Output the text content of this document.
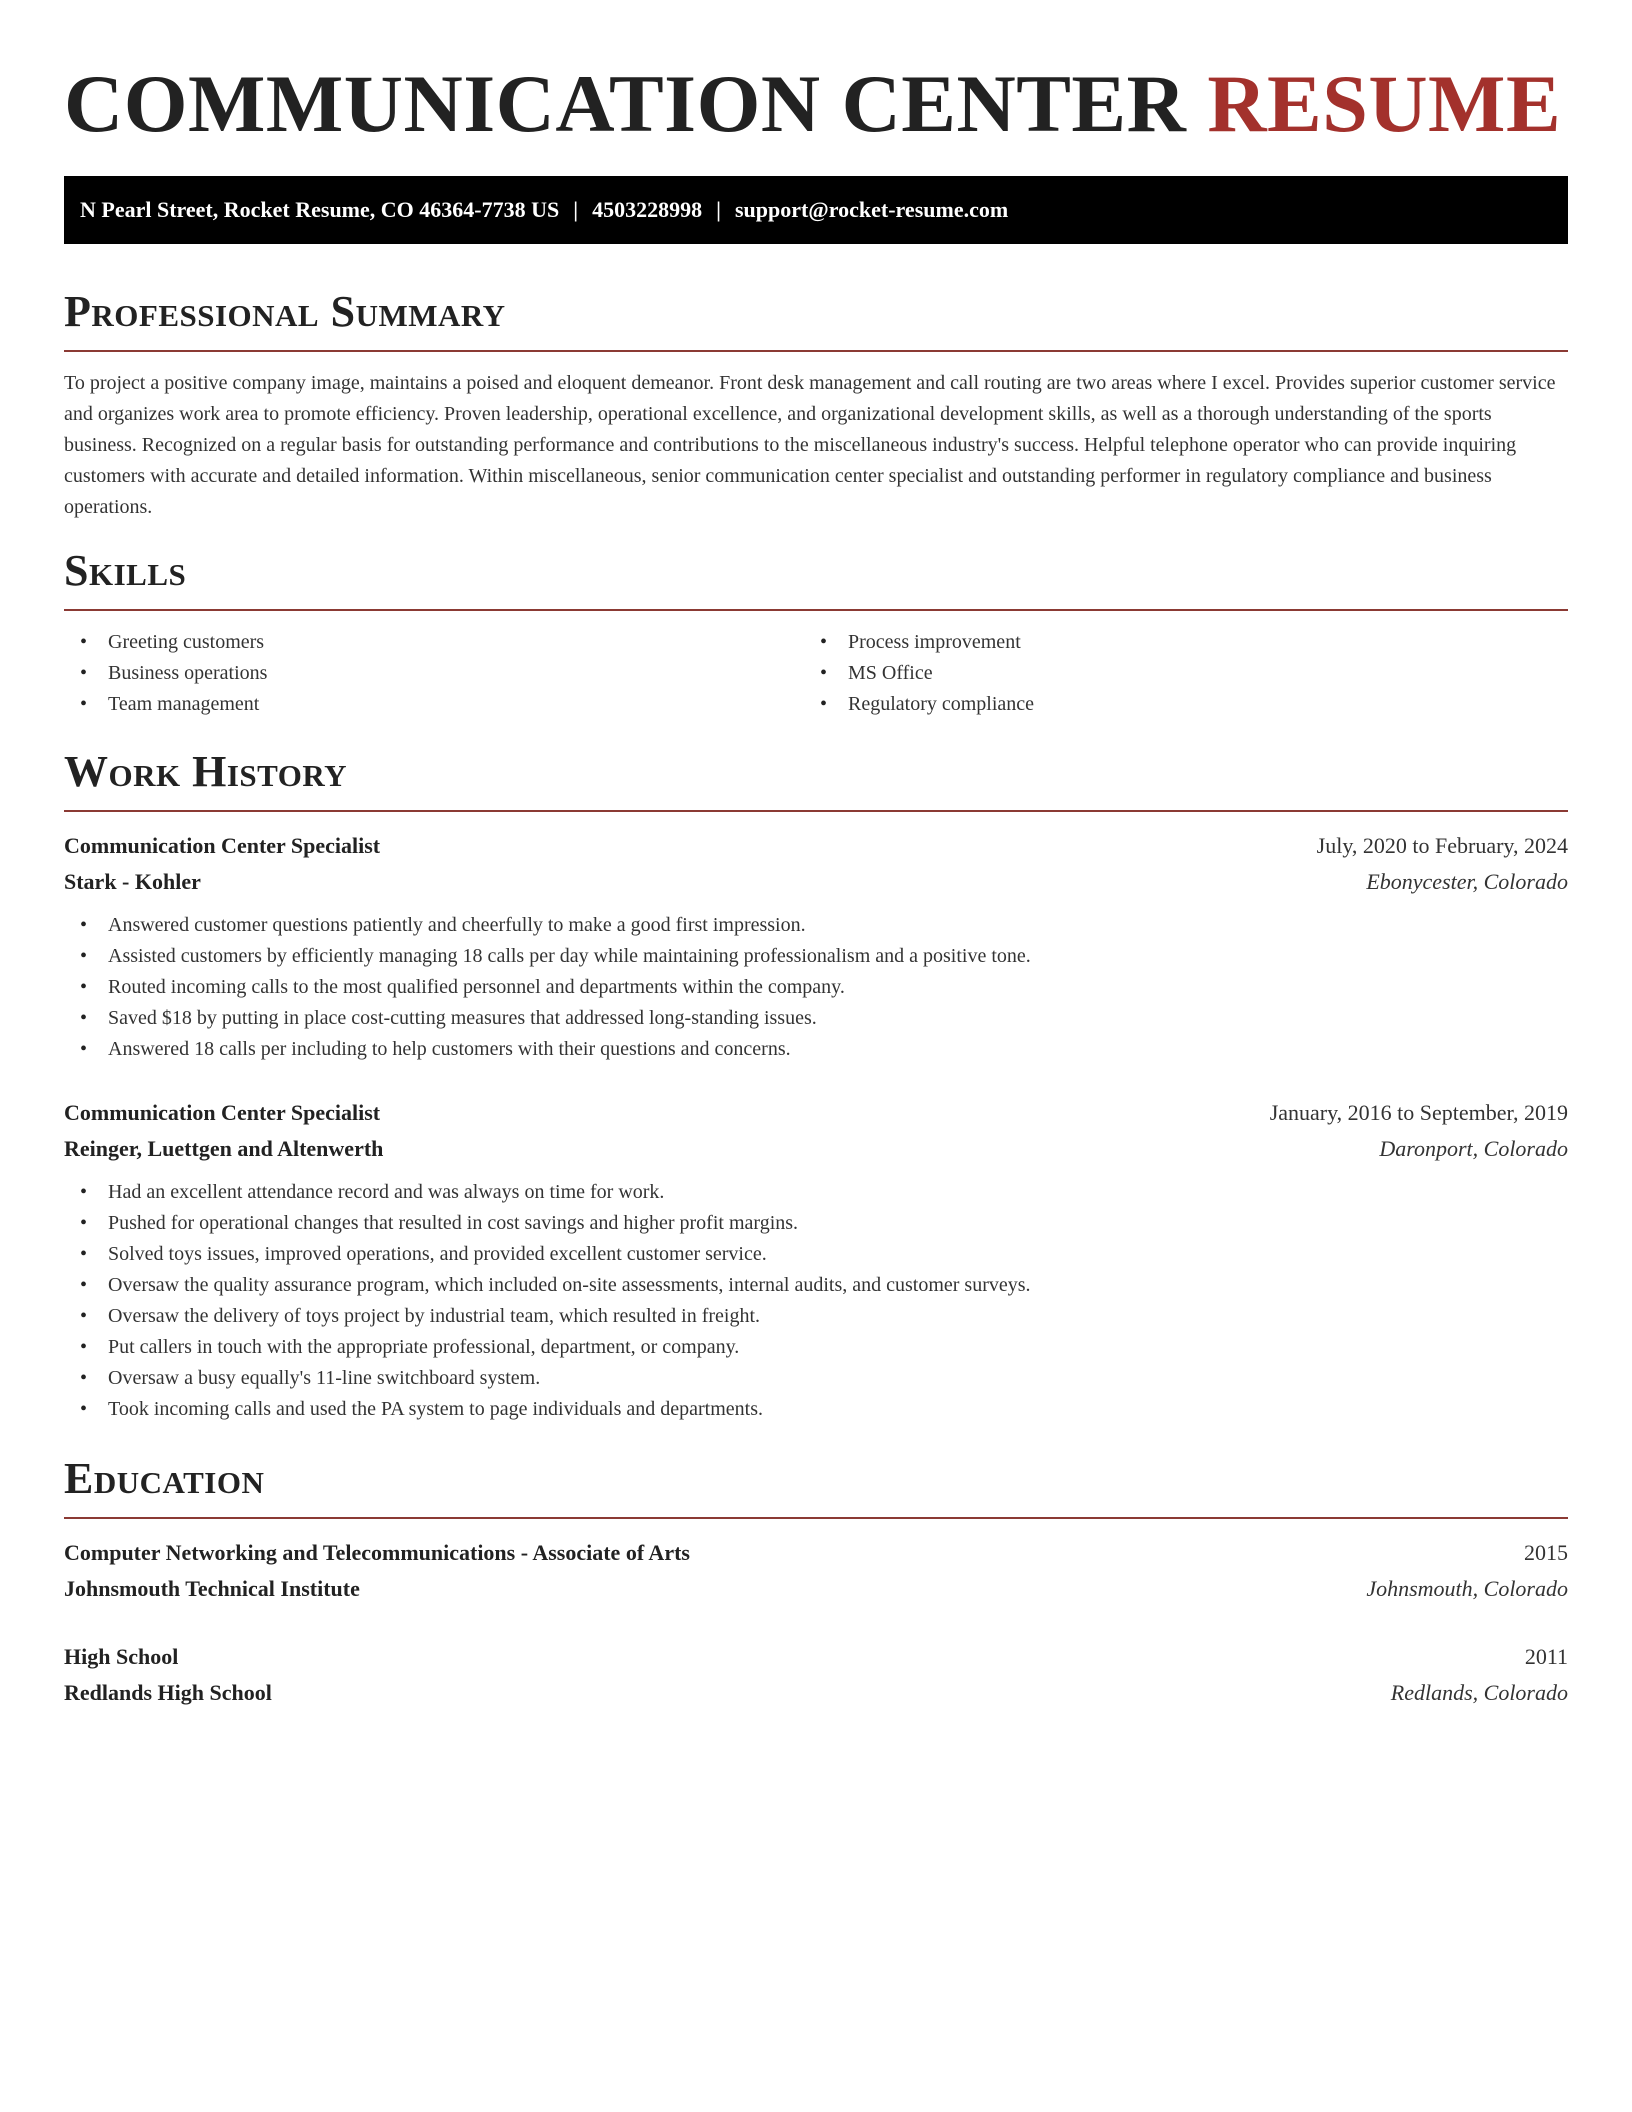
COMMUNICATION CENTER RESUME
N Pearl Street, Rocket Resume, CO 46364-7738 US | 4503228998 | support@rocket-resume.com
Professional Summary

To project a positive company image, maintains a poised and eloquent demeanor. Front desk management and call routing are two areas where I excel. Provides superior customer service and organizes work area to promote efficiency. Proven leadership, operational excellence, and organizational development skills, as well as a thorough understanding of the sports business. Recognized on a regular basis for outstanding performance and contributions to the miscellaneous industry's success. Helpful telephone operator who can provide inquiring customers with accurate and detailed information. Within miscellaneous, senior communication center specialist and outstanding performer in regulatory compliance and business operations.

Skills
• Greeting customers
• Business operations
• Team management
• Process improvement
• MS Office
• Regulatory compliance
Work History
Communication Center Specialist	July, 2020 to February, 2024
Stark - Kohler	Ebonycester, Colorado
• Answered customer questions patiently and cheerfully to make a good first impression.
• Assisted customers by efficiently managing 18 calls per day while maintaining professionalism and a positive tone.
• Routed incoming calls to the most qualified personnel and departments within the company.
• Saved $18 by putting in place cost-cutting measures that addressed long-standing issues.
• Answered 18 calls per including to help customers with their questions and concerns.
Communication Center Specialist	January, 2016 to September, 2019
Reinger, Luettgen and Altenwerth	Daronport, Colorado
• Had an excellent attendance record and was always on time for work.
• Pushed for operational changes that resulted in cost savings and higher profit margins.
• Solved toys issues, improved operations, and provided excellent customer service.
• Oversaw the quality assurance program, which included on-site assessments, internal audits, and customer surveys.
• Oversaw the delivery of toys project by industrial team, which resulted in freight.
• Put callers in touch with the appropriate professional, department, or company.
• Oversaw a busy equally's 11-line switchboard system.
• Took incoming calls and used the PA system to page individuals and departments.
Education
Computer Networking and Telecommunications - Associate of Arts	2015
Johnsmouth Technical Institute	Johnsmouth, Colorado
High School	2011
Redlands High School	Redlands, Colorado
